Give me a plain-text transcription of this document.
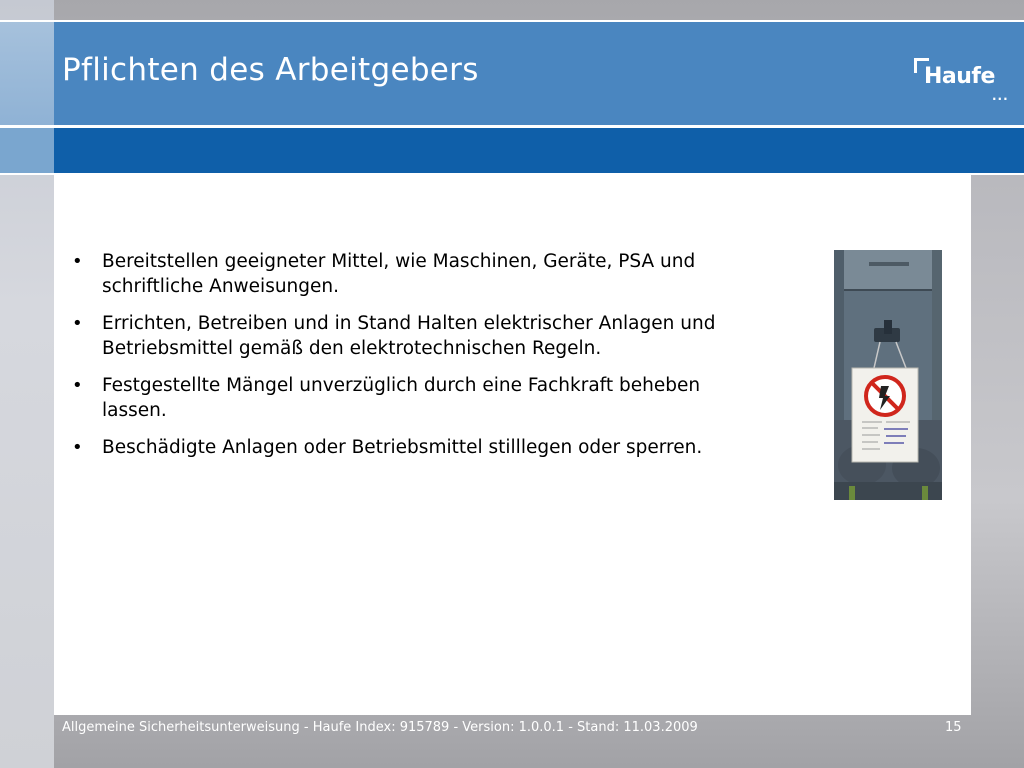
Pflichten des Arbeitgebers	Haufe
...
• Bereitstellen geeigneter Mittel, wie Maschinen, Geräte, PSA und schriftliche Anweisungen.
• Errichten, Betreiben und in Stand Halten elektrischer Anlagen und Betriebsmittel gemäß den elektrotechnischen Regeln.
• Festgestellte Mängel unverzüglich durch eine Fachkraft beheben lassen.
• Beschädigte Anlagen oder Betriebsmittel stilllegen oder sperren.
Allgemeine Sicherheitsunterweisung - Haufe Index: 915789 - Version: 1.0.0.1 - Stand: 11.03.2009	15
